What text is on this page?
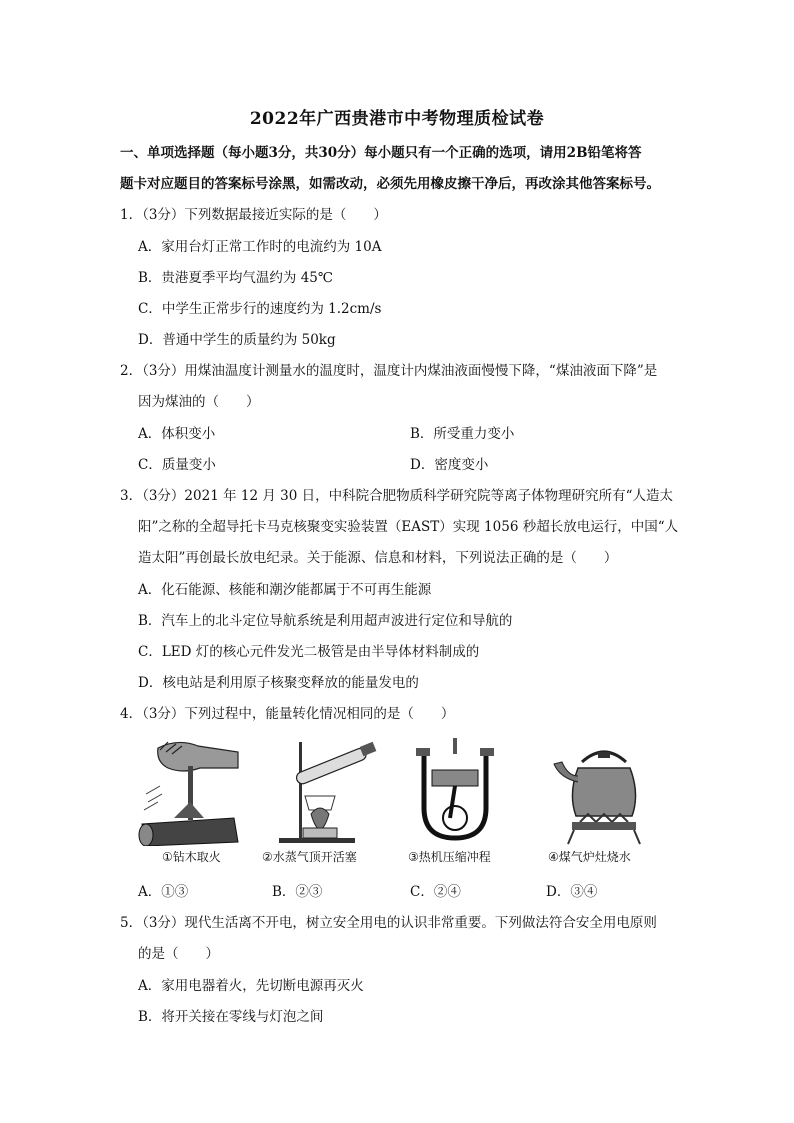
2022年广西贵港市中考物理质检试卷
一、单项选择题（每小题3分，共30分）每小题只有一个正确的选项，请用2B铅笔将答
题卡对应题目的答案标号涂黑，如需改动，必须先用橡皮擦干净后，再改涂其他答案标号。
1．（3分）下列数据最接近实际的是（　　）
A．家用台灯正常工作时的电流约为 10A
B．贵港夏季平均气温约为 45℃
C．中学生正常步行的速度约为 1.2cm/s
D．普通中学生的质量约为 50kg
2．（3分）用煤油温度计测量水的温度时，温度计内煤油液面慢慢下降，“煤油液面下降”是
因为煤油的（　　）
A．体积变小	B．所受重力变小
C．质量变小	D．密度变小
3．（3分）2021 年 12 月 30 日，中科院合肥物质科学研究院等离子体物理研究所有“人造太
阳”之称的全超导托卡马克核聚变实验装置（EAST）实现 1056 秒超长放电运行，中国“人
造太阳”再创最长放电纪录。关于能源、信息和材料，下列说法正确的是（　　）
A．化石能源、核能和潮汐能都属于不可再生能源
B．汽车上的北斗定位导航系统是利用超声波进行定位和导航的
C．LED 灯的核心元件发光二极管是由半导体材料制成的
D．核电站是利用原子核聚变释放的能量发电的
4．（3分）下列过程中，能量转化情况相同的是（　　）
①钻木取火	②水蒸气顶开活塞	③热机压缩冲程	④煤气炉灶烧水
A．①③	B．②③	C．②④	D．③④
5．（3分）现代生活离不开电，树立安全用电的认识非常重要。下列做法符合安全用电原则
的是（　　）
A．家用电器着火，先切断电源再灭火
B．将开关接在零线与灯泡之间
